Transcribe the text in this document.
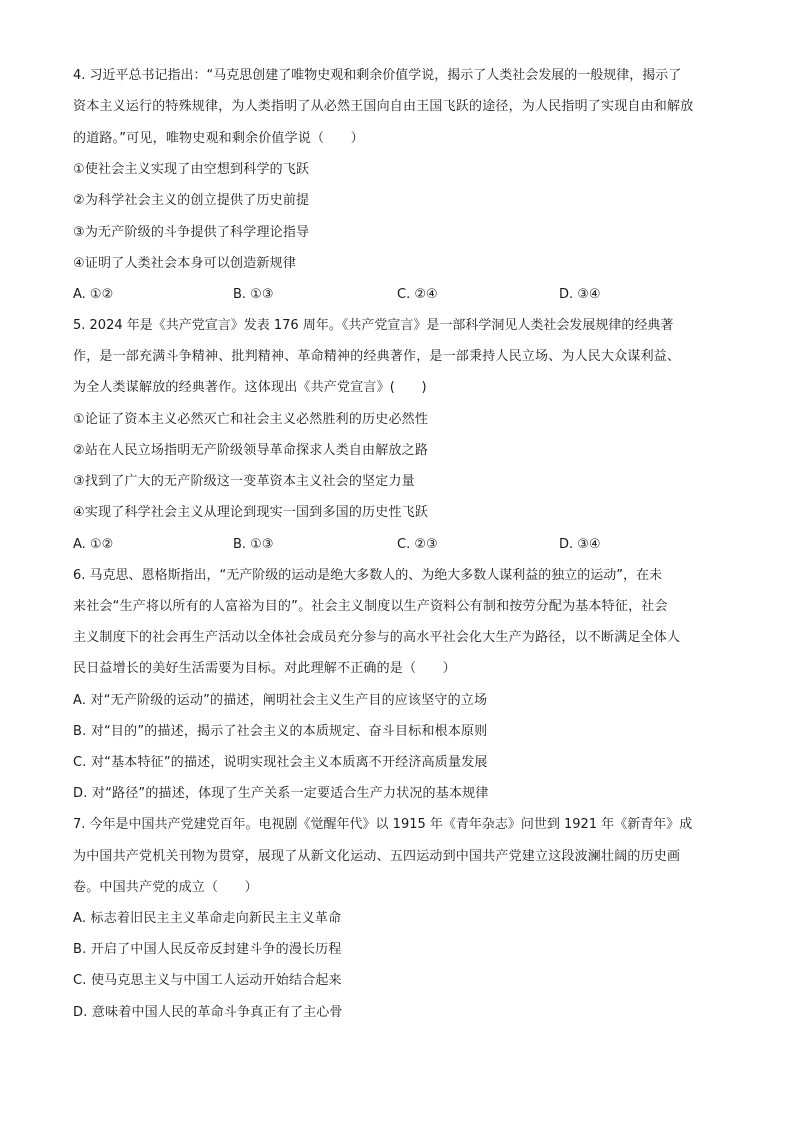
4. 习近平总书记指出：“马克思创建了唯物史观和剩余价值学说，揭示了人类社会发展的一般规律，揭示了
资本主义运行的特殊规律，为人类指明了从必然王国向自由王国飞跃的途径，为人民指明了实现自由和解放
的道路。”可见，唯物史观和剩余价值学说（　　）
①使社会主义实现了由空想到科学的飞跃
②为科学社会主义的创立提供了历史前提
③为无产阶级的斗争提供了科学理论指导
④证明了人类社会本身可以创造新规律
A. ①②	B. ①③	C. ②④	D. ③④
5. 2024 年是《共产党宣言》发表 176 周年。《共产党宣言》是一部科学洞见人类社会发展规律的经典著
作，是一部充满斗争精神、批判精神、革命精神的经典著作，是一部秉持人民立场、为人民大众谋利益、
为全人类谋解放的经典著作。这体现出《共产党宣言》(　　)
①论证了资本主义必然灭亡和社会主义必然胜利的历史必然性
②站在人民立场指明无产阶级领导革命探求人类自由解放之路
③找到了广大的无产阶级这一变革资本主义社会的坚定力量
④实现了科学社会主义从理论到现实一国到多国的历史性飞跃
A. ①②	B. ①③	C. ②③	D. ③④
6. 马克思、恩格斯指出，“无产阶级的运动是绝大多数人的、为绝大多数人谋利益的独立的运动”，在未
来社会“生产将以所有的人富裕为目的”。社会主义制度以生产资料公有制和按劳分配为基本特征，社会
主义制度下的社会再生产活动以全体社会成员充分参与的高水平社会化大生产为路径，以不断满足全体人
民日益增长的美好生活需要为目标。对此理解不正确的是（　　）
A. 对“无产阶级的运动”的描述，阐明社会主义生产目的应该坚守的立场
B. 对“目的”的描述，揭示了社会主义的本质规定、奋斗目标和根本原则
C. 对“基本特征”的描述，说明实现社会主义本质离不开经济高质量发展
D. 对“路径”的描述，体现了生产关系一定要适合生产力状况的基本规律
7. 今年是中国共产党建党百年。电视剧《觉醒年代》以 1915 年《青年杂志》问世到 1921 年《新青年》成
为中国共产党机关刊物为贯穿，展现了从新文化运动、五四运动到中国共产党建立这段波澜壮阔的历史画
卷。中国共产党的成立（　　）
A. 标志着旧民主主义革命走向新民主主义革命
B. 开启了中国人民反帝反封建斗争的漫长历程
C. 使马克思主义与中国工人运动开始结合起来
D. 意味着中国人民的革命斗争真正有了主心骨
